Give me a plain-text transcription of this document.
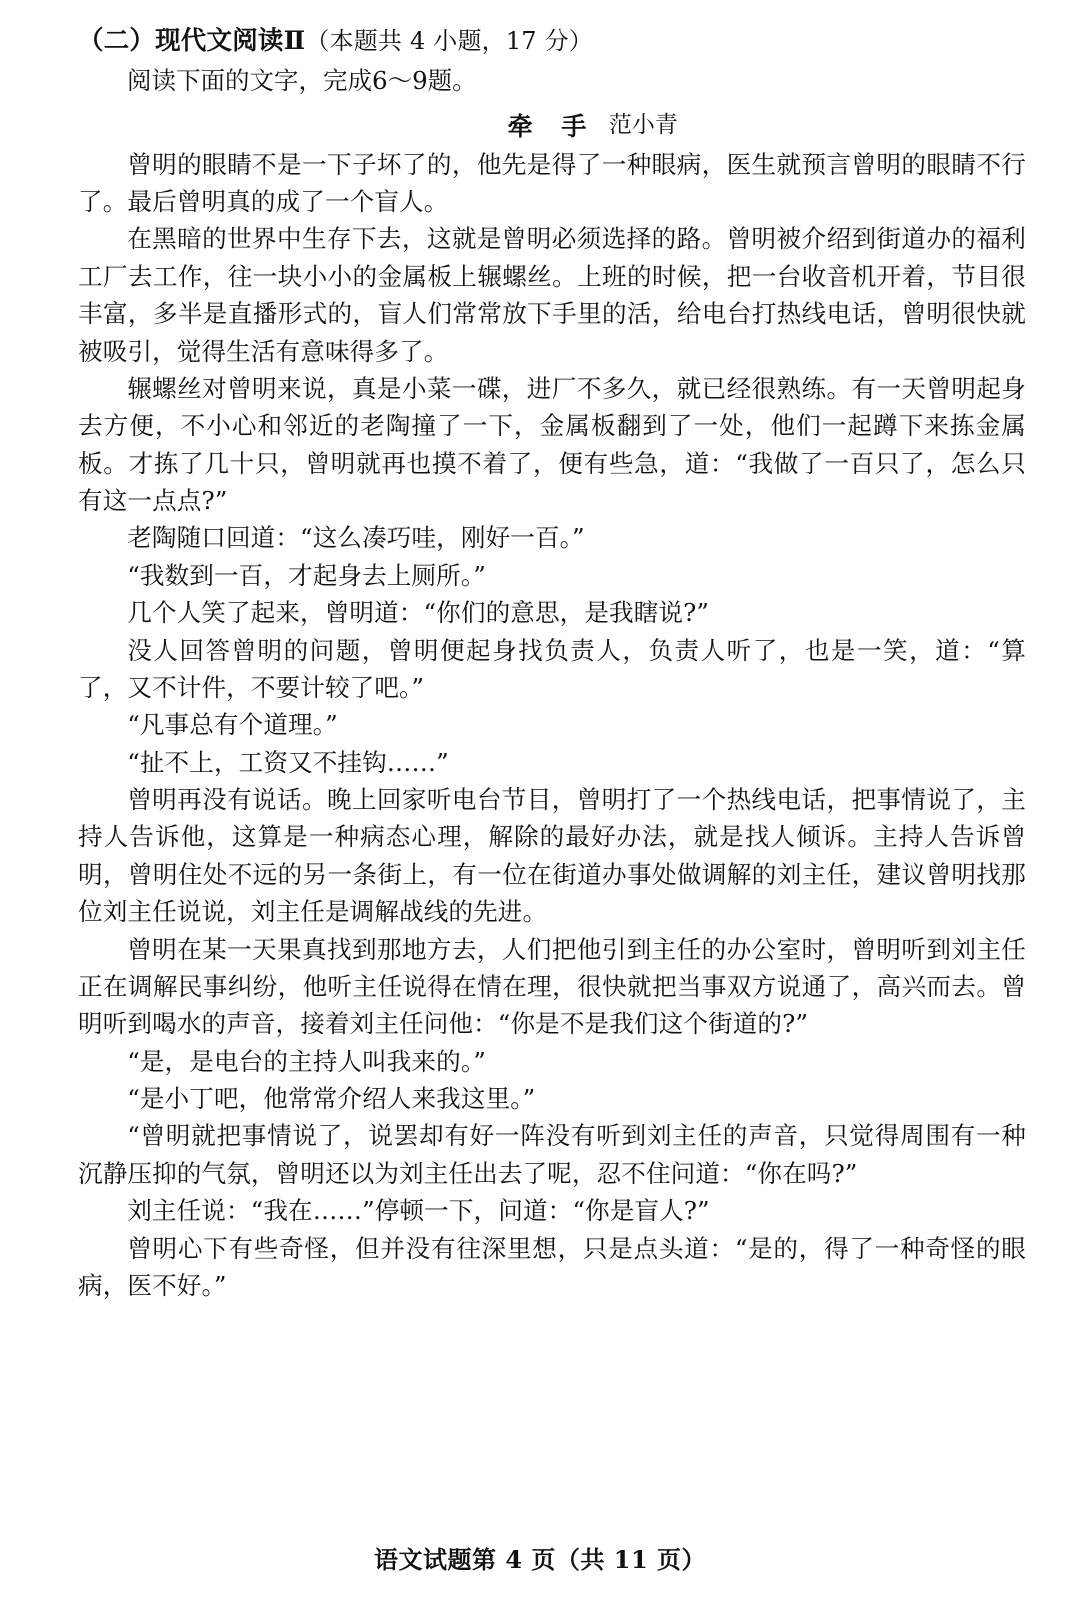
（二）现代文阅读Ⅱ（本题共 4 小题，17 分）
阅读下面的文字，完成6～9题。
牵 手 范小青

曾明的眼睛不是一下子坏了的，他先是得了一种眼病，医生就预言曾明的眼睛不行了。最后曾明真的成了一个盲人。

在黑暗的世界中生存下去，这就是曾明必须选择的路。曾明被介绍到街道办的福利工厂去工作，往一块小小的金属板上辗螺丝。上班的时候，把一台收音机开着，节目很丰富，多半是直播形式的，盲人们常常放下手里的活，给电台打热线电话，曾明很快就被吸引，觉得生活有意味得多了。

辗螺丝对曾明来说，真是小菜一碟，进厂不多久，就已经很熟练。有一天曾明起身去方便，不小心和邻近的老陶撞了一下，金属板翻到了一处，他们一起蹲下来拣金属板。才拣了几十只，曾明就再也摸不着了，便有些急，道：“我做了一百只了，怎么只有这一点点?”

老陶随口回道：“这么凑巧哇，刚好一百。”

“我数到一百，才起身去上厕所。”

几个人笑了起来，曾明道：“你们的意思，是我瞎说?”

没人回答曾明的问题，曾明便起身找负责人，负责人听了，也是一笑，道：“算了，又不计件，不要计较了吧。”

“凡事总有个道理。”

“扯不上，工资又不挂钩……”

曾明再没有说话。晚上回家听电台节目，曾明打了一个热线电话，把事情说了，主持人告诉他，这算是一种病态心理，解除的最好办法，就是找人倾诉。主持人告诉曾明，曾明住处不远的另一条街上，有一位在街道办事处做调解的刘主任，建议曾明找那位刘主任说说，刘主任是调解战线的先进。

曾明在某一天果真找到那地方去，人们把他引到主任的办公室时，曾明听到刘主任正在调解民事纠纷，他听主任说得在情在理，很快就把当事双方说通了，高兴而去。曾明听到喝水的声音，接着刘主任问他：“你是不是我们这个街道的?”

“是，是电台的主持人叫我来的。”

“是小丁吧，他常常介绍人来我这里。”

“曾明就把事情说了，说罢却有好一阵没有听到刘主任的声音，只觉得周围有一种沉静压抑的气氛，曾明还以为刘主任出去了呢，忍不住问道：“你在吗?”

刘主任说：“我在……”停顿一下，问道：“你是盲人?”

曾明心下有些奇怪，但并没有往深里想，只是点头道：“是的，得了一种奇怪的眼病，医不好。”

语文试题第 4 页（共 11 页）
